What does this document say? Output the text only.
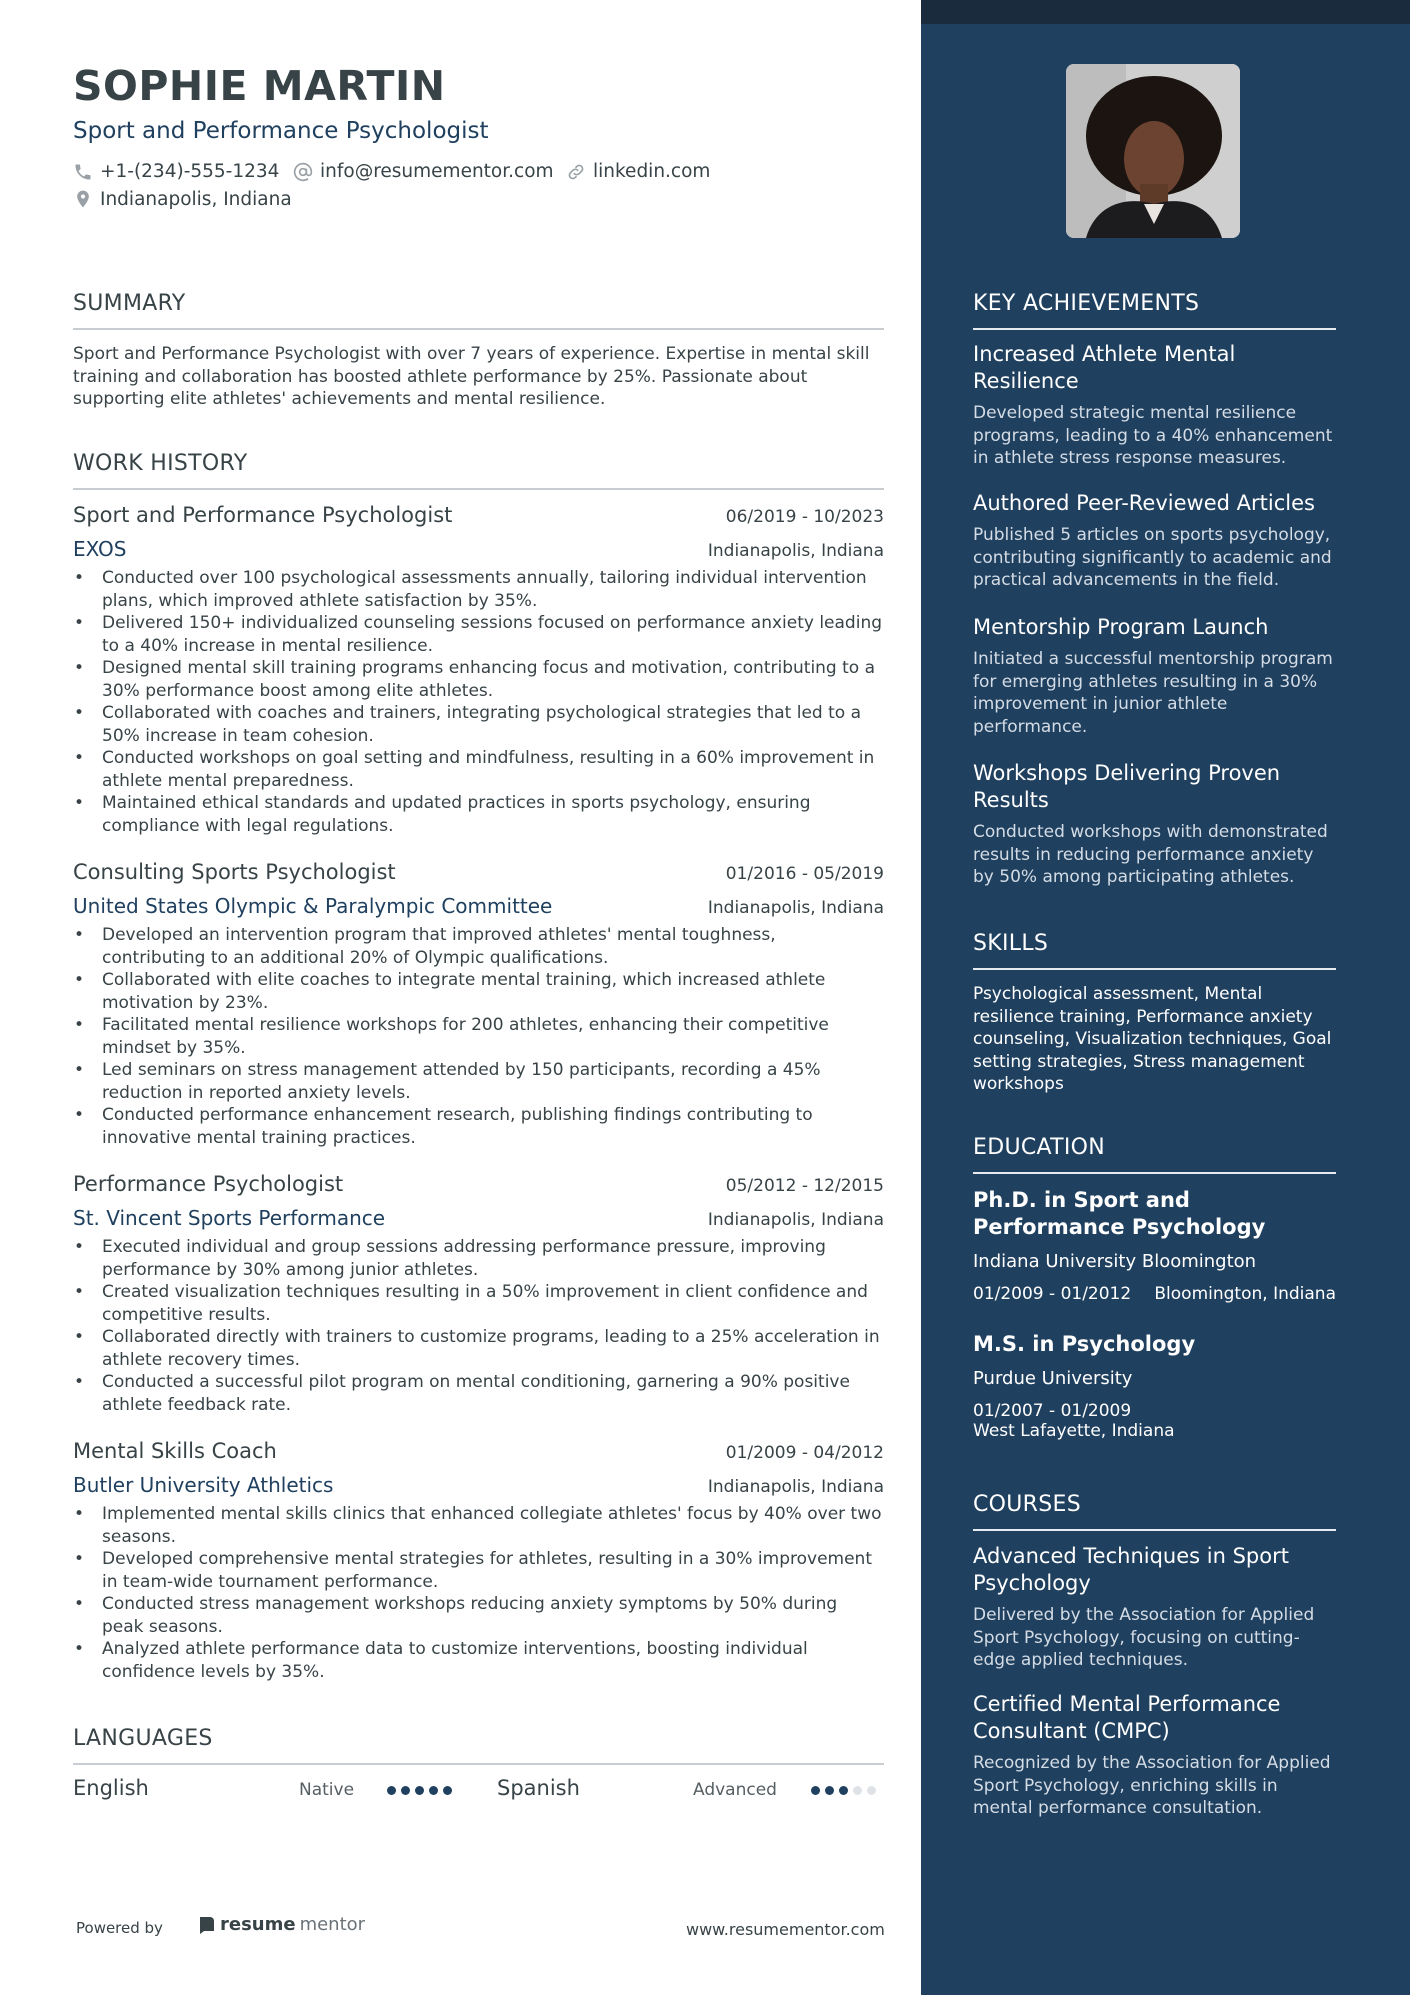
SOPHIE MARTIN
Sport and Performance Psychologist
+1-(234)-555-1234 info@resumementor.com linkedin.com
Indianapolis, Indiana
SUMMARY
Sport and Performance Psychologist with over 7 years of experience. Expertise in mental skill training and collaboration has boosted athlete performance by 25%. Passionate about supporting elite athletes' achievements and mental resilience.
WORK HISTORY
Sport and Performance Psychologist	06/2019 - 10/2023
EXOS	Indianapolis, Indiana
• Conducted over 100 psychological assessments annually, tailoring individual intervention plans, which improved athlete satisfaction by 35%.
• Delivered 150+ individualized counseling sessions focused on performance anxiety leading to a 40% increase in mental resilience.
• Designed mental skill training programs enhancing focus and motivation, contributing to a 30% performance boost among elite athletes.
• Collaborated with coaches and trainers, integrating psychological strategies that led to a 50% increase in team cohesion.
• Conducted workshops on goal setting and mindfulness, resulting in a 60% improvement in athlete mental preparedness.
• Maintained ethical standards and updated practices in sports psychology, ensuring compliance with legal regulations.
Consulting Sports Psychologist	01/2016 - 05/2019
United States Olympic & Paralympic Committee	Indianapolis, Indiana
• Developed an intervention program that improved athletes' mental toughness, contributing to an additional 20% of Olympic qualifications.
• Collaborated with elite coaches to integrate mental training, which increased athlete motivation by 23%.
• Facilitated mental resilience workshops for 200 athletes, enhancing their competitive mindset by 35%.
• Led seminars on stress management attended by 150 participants, recording a 45% reduction in reported anxiety levels.
• Conducted performance enhancement research, publishing findings contributing to innovative mental training practices.
Performance Psychologist	05/2012 - 12/2015
St. Vincent Sports Performance	Indianapolis, Indiana
• Executed individual and group sessions addressing performance pressure, improving performance by 30% among junior athletes.
• Created visualization techniques resulting in a 50% improvement in client confidence and competitive results.
• Collaborated directly with trainers to customize programs, leading to a 25% acceleration in athlete recovery times.
• Conducted a successful pilot program on mental conditioning, garnering a 90% positive athlete feedback rate.
Mental Skills Coach	01/2009 - 04/2012
Butler University Athletics	Indianapolis, Indiana
• Implemented mental skills clinics that enhanced collegiate athletes' focus by 40% over two seasons.
• Developed comprehensive mental strategies for athletes, resulting in a 30% improvement in team-wide tournament performance.
• Conducted stress management workshops reducing anxiety symptoms by 50% during peak seasons.
• Analyzed athlete performance data to customize interventions, boosting individual confidence levels by 35%.
LANGUAGES
English	Native	Spanish	Advanced
Powered by	resume mentor	www.resumementor.com
KEY ACHIEVEMENTS
Increased Athlete Mental Resilience
Developed strategic mental resilience programs, leading to a 40% enhancement in athlete stress response measures.
Authored Peer-Reviewed Articles
Published 5 articles on sports psychology, contributing significantly to academic and practical advancements in the field.
Mentorship Program Launch
Initiated a successful mentorship program for emerging athletes resulting in a 30% improvement in junior athlete performance.
Workshops Delivering Proven Results
Conducted workshops with demonstrated results in reducing performance anxiety by 50% among participating athletes.
SKILLS
Psychological assessment, Mental resilience training, Performance anxiety counseling, Visualization techniques, Goal setting strategies, Stress management workshops
EDUCATION
Ph.D. in Sport and Performance Psychology
Indiana University Bloomington
01/2009 - 01/2012 Bloomington, Indiana
M.S. in Psychology
Purdue University
01/2007 - 01/2009
West Lafayette, Indiana
COURSES
Advanced Techniques in Sport Psychology
Delivered by the Association for Applied Sport Psychology, focusing on cutting-edge applied techniques.
Certified Mental Performance Consultant (CMPC)
Recognized by the Association for Applied Sport Psychology, enriching skills in mental performance consultation.
